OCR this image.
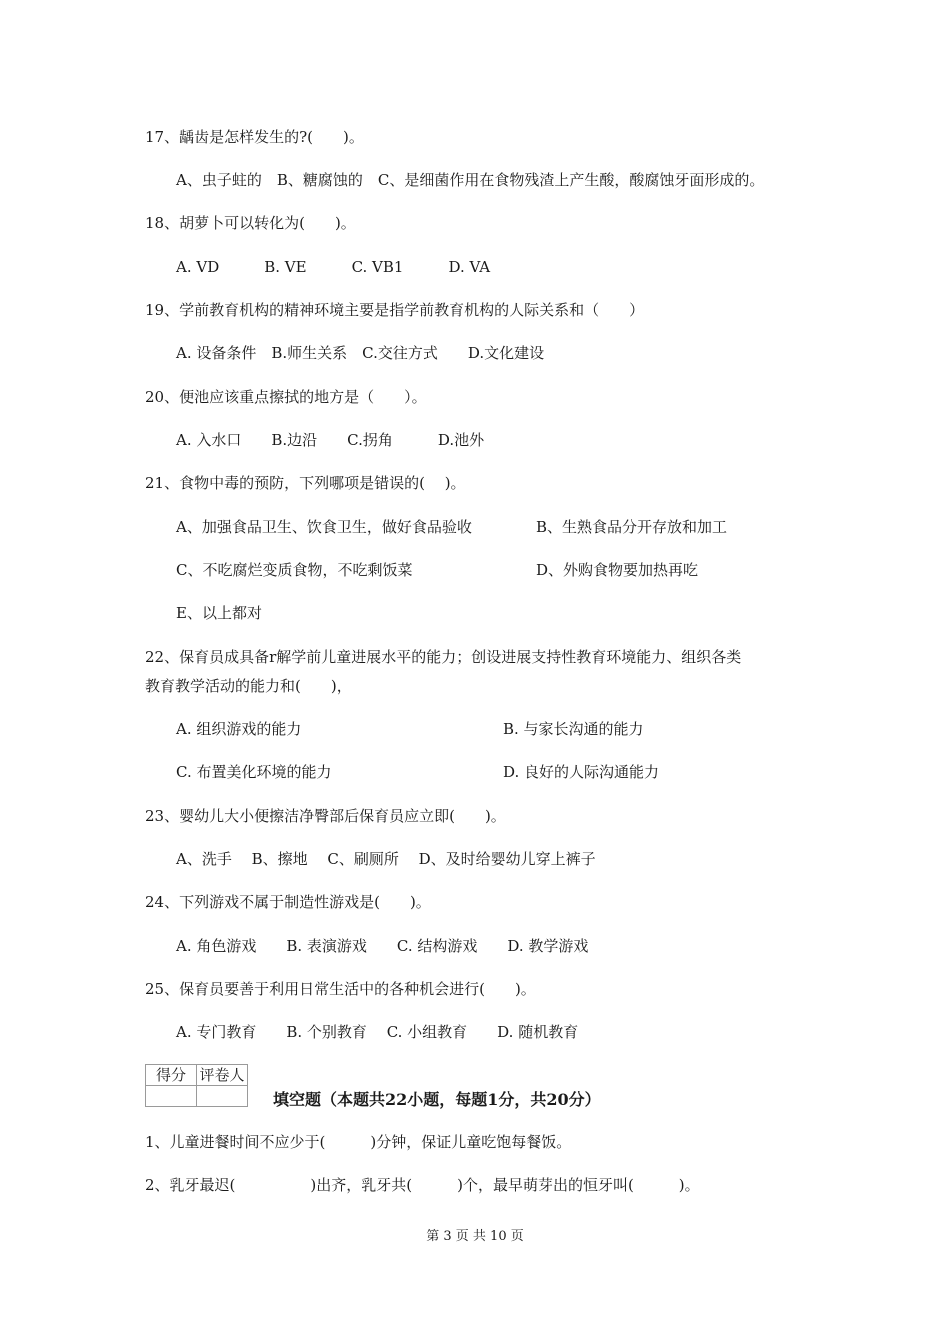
17、龋齿是怎样发生的?(　　)。
A、虫子蛀的　B、糖腐蚀的　C、是细菌作用在食物残渣上产生酸，酸腐蚀牙面形成的。
18、胡萝卜可以转化为(　　)。
A. VD　　　B. VE　　　C. VB1　　　D. VA
19、学前教育机构的精神环境主要是指学前教育机构的人际关系和（　　）
A. 设备条件　B.师生关系　C.交往方式　　D.文化建设
20、便池应该重点擦拭的地方是（　　）。
A. 入水口　　B.边沿　　C.拐角　　　D.池外
21、食物中毒的预防，下列哪项是错误的(　 )。
A、加强食品卫生、饮食卫生，做好食品验收	B、生熟食品分开存放和加工
C、不吃腐烂变质食物，不吃剩饭菜	D、外购食物要加热再吃
E、以上都对
22、保育员成具备r解学前儿童进展水平的能力；创设进展支持性教育环境能力、组织各类
教育教学活动的能力和(　　)，
A. 组织游戏的能力	B. 与家长沟通的能力
C. 布置美化环境的能力	D. 良好的人际沟通能力
23、婴幼儿大小便擦洁净臀部后保育员应立即(　　)。
A、洗手　 B、擦地　 C、刷厕所　 D、及时给婴幼儿穿上裤子
24、下列游戏不属于制造性游戏是(　　)。
A. 角色游戏　　B. 表演游戏　　C. 结构游戏　　D. 教学游戏
25、保育员要善于利用日常生活中的各种机会进行(　　)。
A. 专门教育　　B. 个别教育　 C. 小组教育　　D. 随机教育
得分	评卷人

填空题（本题共22小题，每题1分，共20分）
1、儿童进餐时间不应少于(　　　)分钟，保证儿童吃饱每餐饭。
2、乳牙最迟(　　　　　)出齐，乳牙共(　　　)个，最早萌芽出的恒牙叫(　　　)。
第 3 页 共 10 页
